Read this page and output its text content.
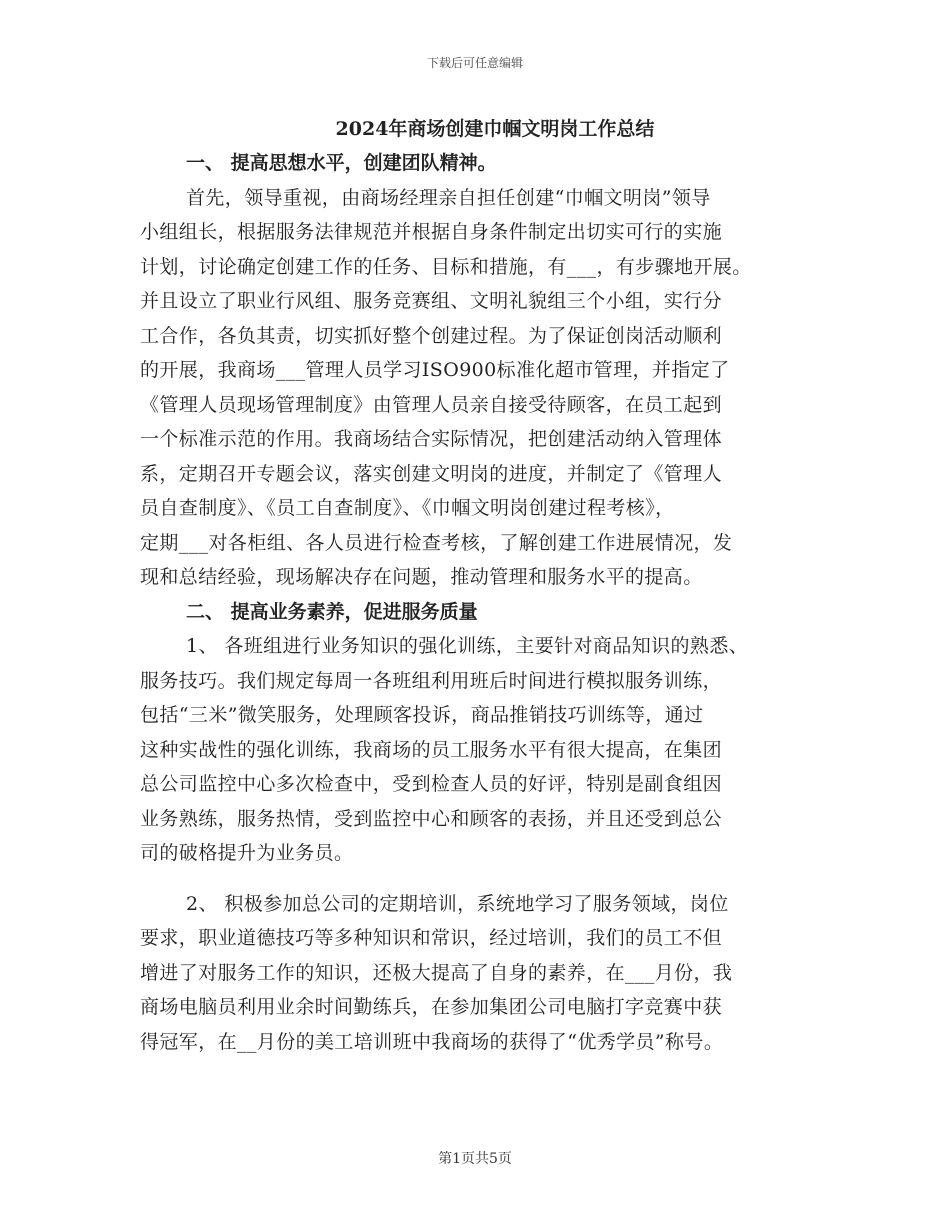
下载后可任意编辑
2024年商场创建巾帼文明岗工作总结
一、 提高思想水平，创建团队精神。
首先，领导重视，由商场经理亲自担任创建“巾帼文明岗”领导
小组组长，根据服务法律规范并根据自身条件制定出切实可行的实施
计划，讨论确定创建工作的任务、目标和措施，有___，有步骤地开展。
并且设立了职业行风组、服务竞赛组、文明礼貌组三个小组，实行分
工合作，各负其责，切实抓好整个创建过程。为了保证创岗活动顺利
的开展，我商场___管理人员学习ISO900标准化超市管理，并指定了
《管理人员现场管理制度》由管理人员亲自接受待顾客，在员工起到
一个标准示范的作用。我商场结合实际情况，把创建活动纳入管理体
系，定期召开专题会议，落实创建文明岗的进度，并制定了《管理人
员自查制度》、《员工自查制度》、《巾帼文明岗创建过程考核》，
定期___对各柜组、各人员进行检查考核，了解创建工作进展情况，发
现和总结经验，现场解决存在问题，推动管理和服务水平的提高。
二、 提高业务素养，促进服务质量
1、 各班组进行业务知识的强化训练，主要针对商品知识的熟悉、
服务技巧。我们规定每周一各班组利用班后时间进行模拟服务训练，
包括“三米”微笑服务，处理顾客投诉，商品推销技巧训练等，通过
这种实战性的强化训练，我商场的员工服务水平有很大提高，在集团
总公司监控中心多次检查中，受到检查人员的好评，特别是副食组因
业务熟练，服务热情，受到监控中心和顾客的表扬，并且还受到总公
司的破格提升为业务员。
2、 积极参加总公司的定期培训，系统地学习了服务领域，岗位
要求，职业道德技巧等多种知识和常识，经过培训，我们的员工不但
增进了对服务工作的知识，还极大提高了自身的素养，在___月份，我
商场电脑员利用业余时间勤练兵，在参加集团公司电脑打字竞赛中获
得冠军，在__月份的美工培训班中我商场的获得了“优秀学员”称号。
第1页共5页
